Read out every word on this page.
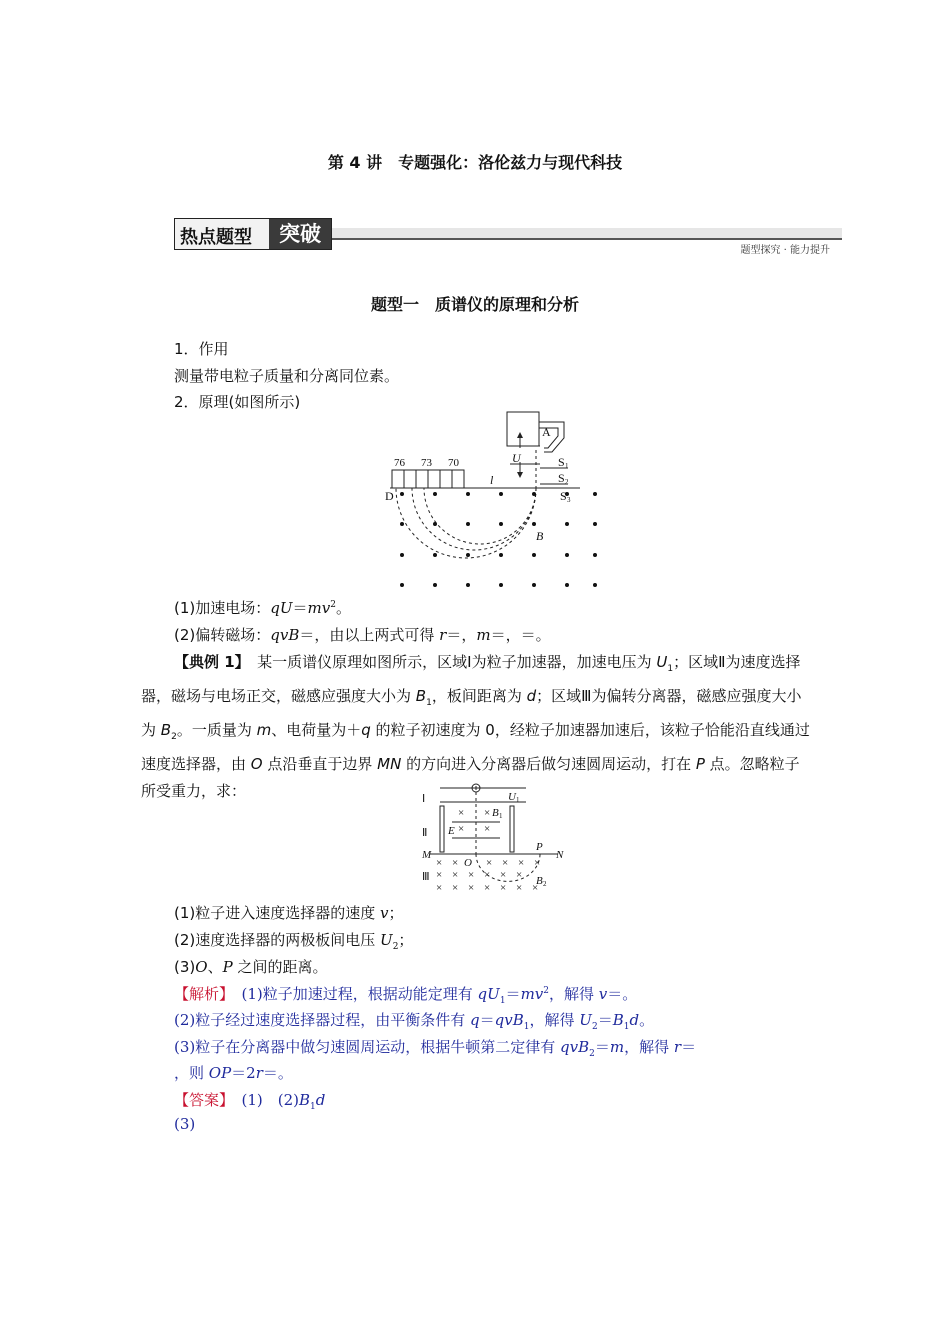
第 4 讲　专题强化：洛伦兹力与现代科技
题型探究 · 能力提升
热点题型	突破
题型一　质谱仪的原理和分析
1．作用
测量带电粒子质量和分离同位素。
2．原理(如图所示)
A
U
l
D
B
S 1
S 2
S 3
76 73 70
(1)加速电场：$qU=mv^2$。
(2)偏转磁场：qvB＝，由以上两式可得 r＝，m＝，＝。
【典例 1】　某一质谱仪原理如图所示，区域Ⅰ为粒子加速器，加速电压为 $U_1$；区域Ⅱ为速度选择器，磁场与电场正交，磁感应强度大小为 $B_1$，板间距离为 d；区域Ⅲ为偏转分离器，磁感应强度大小为 $B_2$。一质量为 m、电荷量为＋q 的粒子初速度为 0，经粒子加速器加速后，该粒子恰能沿直线通过速度选择器，由 O 点沿垂直于边界 MN 的方向进入分离器后做匀速圆周运动，打在 P 点。忽略粒子所受重力，求：	Ⅰ
Ⅱ
Ⅲ
U 1
B 1
E
M	N
P
O
B 2
× ×
× ×
× ×	× × × ×
× × × × × ×
× × × × × × ×
(1)粒子进入速度选择器的速度 v；
(2)速度选择器的两极板间电压 $U_2$；
(3)O、P 之间的距离。
【解析】　(1)粒子加速过程，根据动能定理有 $qU_1=mv^2$，解得 v＝。
(2)粒子经过速度选择器过程，由平衡条件有 q＝qvB$_1$，解得 $U_2=B_1d$。
(3)粒子在分离器中做匀速圆周运动，根据牛顿第二定律有 qvB$_2$＝m，解得 r＝
，则 OP＝2r＝。
【答案】　(1)　$(2)B_1d$
(3)
